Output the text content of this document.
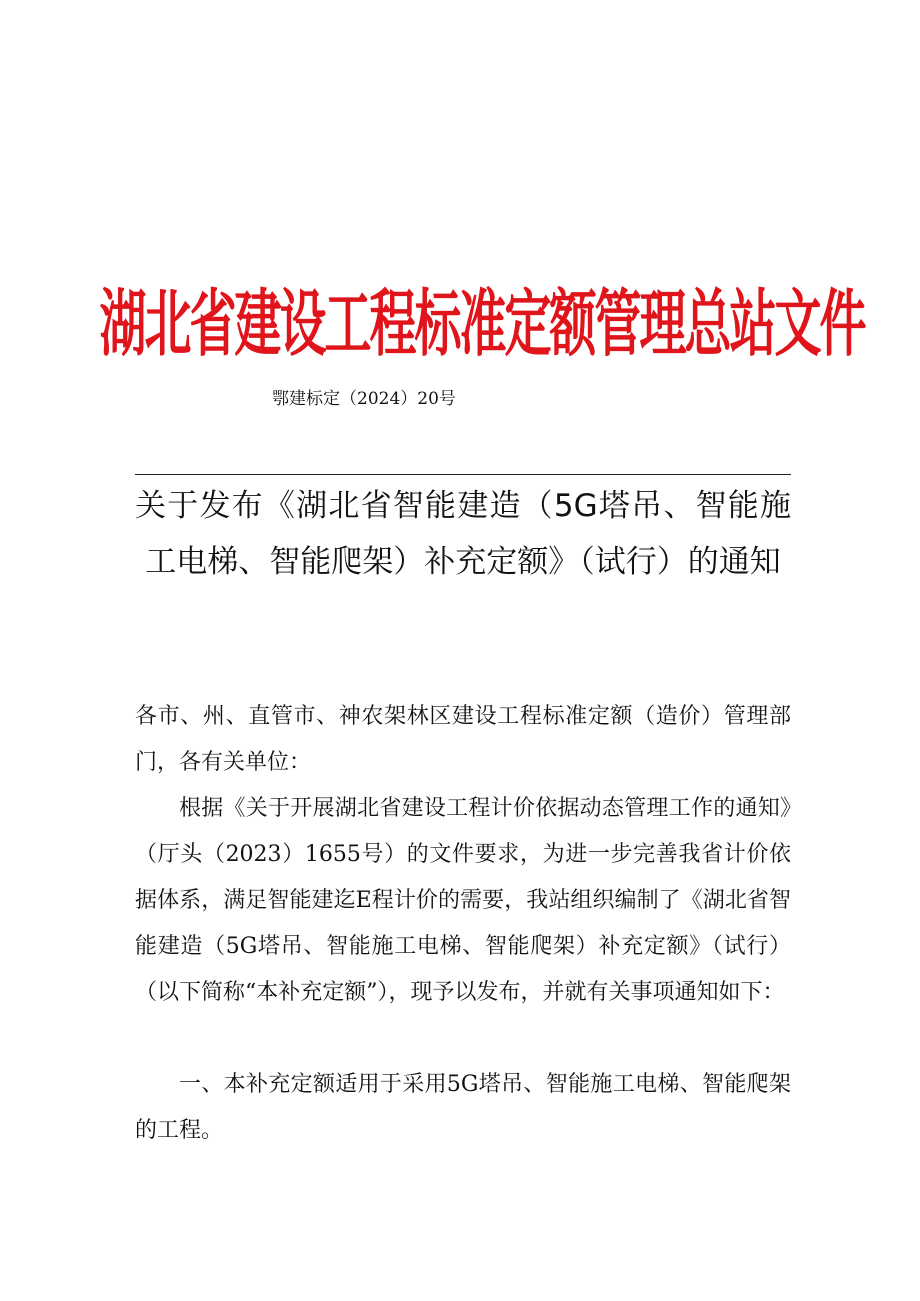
湖北省建设工程标准定额管理总站文件
鄂建标定（2024）20号
关于发布《湖北省智能建造（5G塔吊、智能施工电梯、智能爬架）补充定额》（试行）的通知

各市、州、直管市、神农架林区建设工程标准定额（造价）管理部门，各有关单位：

根据《关于开展湖北省建设工程计价依据动态管理工作的通知》（厅头（2023）1655号）的文件要求，为进一步完善我省计价依据体系，满足智能建迄E程计价的需要，我站组织编制了《湖北省智能建造（5G塔吊、智能施工电梯、智能爬架）补充定额》（试行）（以下简称“本补充定额”），现予以发布，并就有关事项通知如下：

一、本补充定额适用于采用5G塔吊、智能施工电梯、智能爬架的工程。
